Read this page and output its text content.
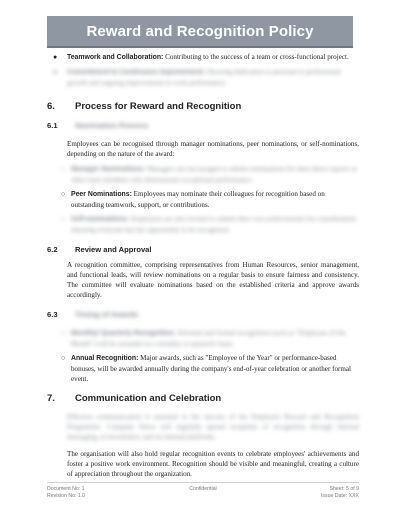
Reward and Recognition Policy
● Teamwork and Collaboration: Contributing to the success of a team or cross-functional project.
● Commitment to Continuous Improvement: Showing dedication to personal or professional growth and ongoing improvement in work performance.
6.	Process for Reward and Recognition
6.1	Nomination Process

Employees can be recognised through manager nominations, peer nominations, or self-nominations, depending on the nature of the award:

○ Manager Nominations: Managers are encouraged to submit nominations for their direct reports or other team members who demonstrate exceptional performance.
○ Peer Nominations: Employees may nominate their colleagues for recognition based on outstanding teamwork, support, or contributions.
○ Self-nominations: Employees are also invited to submit their own achievements for consideration, ensuring everyone has the opportunity to be recognised.
6.2	Review and Approval

A recognition committee, comprising representatives from Human Resources, senior management, and functional leads, will review nominations on a regular basis to ensure fairness and consistency. The committee will evaluate nominations based on the established criteria and approve awards accordingly.

6.3	Timing of Awards
○ Monthly/ Quarterly Recognition: Informal and formal recognition (such as "Employee of the Month") will be awarded on a monthly or quarterly basis.
○ Annual Recognition: Major awards, such as "Employee of the Year" or performance-based bonuses, will be awarded annually during the company's end-of-year celebration or another formal event.
7.	Communication and Celebration

Effective communication is essential to the success of the Employee Reward and Recognition Programme. Company News will regularly spread recipients of recognition through internal messaging, at newsletters, and on internal platforms.

The organisation will also hold regular recognition events to celebrate employees' achievements and foster a positive work environment. Recognition should be visible and meaningful, creating a culture of appreciation throughout the organization.

Document No: 1
Revision No: 1.0
Confidential	Sheet: 5 of 9
Issue Date: XXX
